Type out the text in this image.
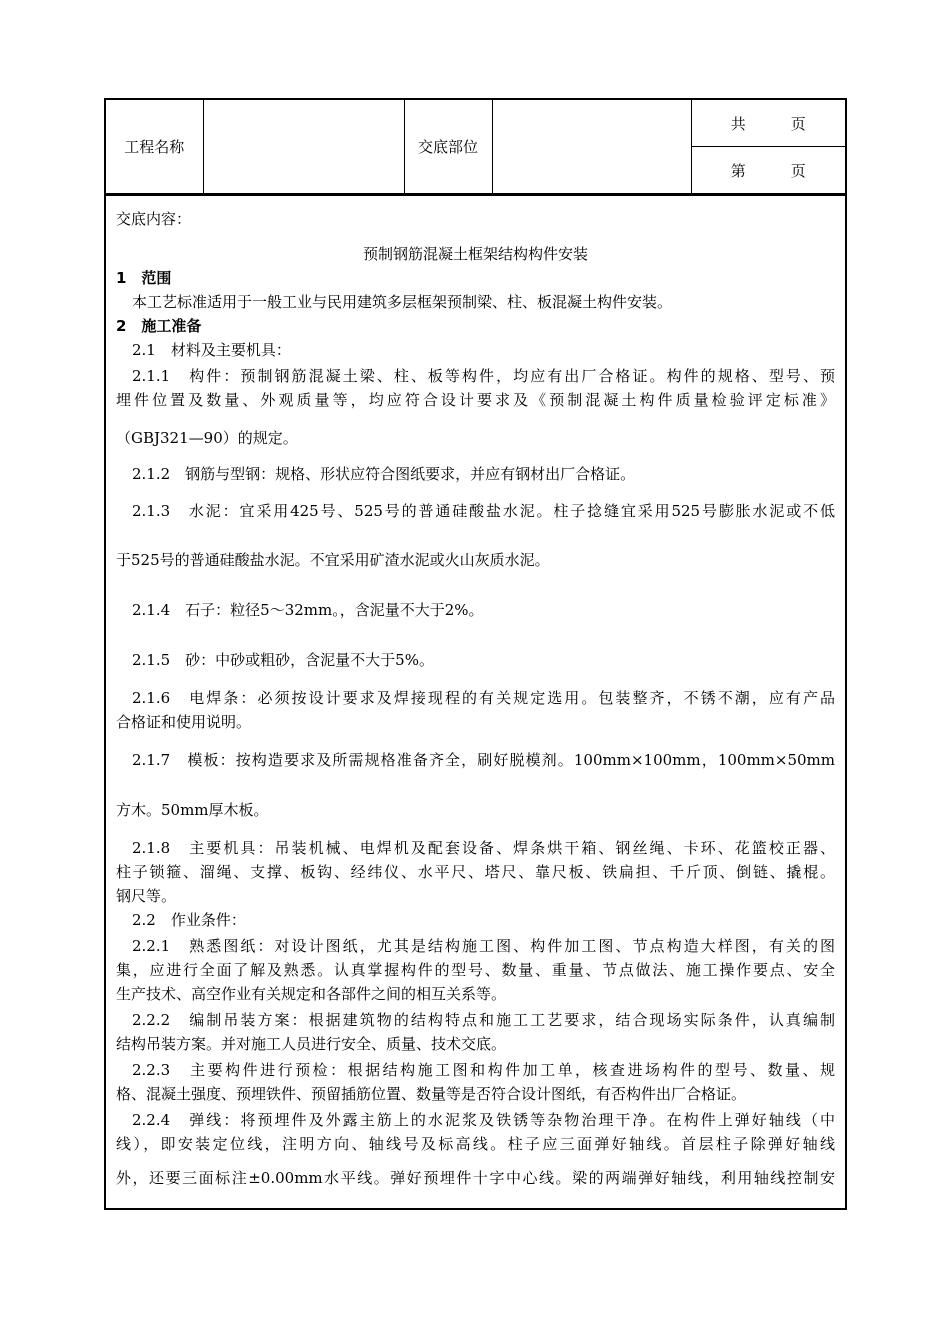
工程名称		交底部位		共　　　页
第　　　页
交底内容：
预制钢筋混凝土框架结构构件安装
1　范围
本工艺标准适用于一般工业与民用建筑多层框架预制梁、柱、板混凝土构件安装。
2　施工准备
2.1　材料及主要机具：
2.1.1　构件：预制钢筋混凝土梁、柱、板等构件，均应有出厂合格证。构件的规格、型号、预
埋件位置及数量、外观质量等，均应符合设计要求及《预制混凝土构件质量检验评定标准》
（GBJ321—90）的规定。
2.1.2　钢筋与型钢：规格、形状应符合图纸要求，并应有钢材出厂合格证。
2.1.3　水泥：宜采用425号、525号的普通硅酸盐水泥。柱子捻缝宜采用525号膨胀水泥或不低
于525号的普通硅酸盐水泥。不宜采用矿渣水泥或火山灰质水泥。
2.1.4　石子：粒径5～32mm。，含泥量不大于2%。
2.1.5　砂：中砂或粗砂，含泥量不大于5%。
2.1.6　电焊条：必须按设计要求及焊接现程的有关规定选用。包装整齐，不锈不潮，应有产品
合格证和使用说明。
2.1.7　模板：按构造要求及所需规格准备齐全，刷好脱模剂。100mm×100mm，100mm×50mm
方木。50mm厚木板。
2.1.8　主要机具：吊装机械、电焊机及配套设备、焊条烘干箱、钢丝绳、卡环、花篮校正器、
柱子锁箍、溜绳、支撑、板钩、经纬仪、水平尺、塔尺、靠尺板、铁扁担、千斤顶、倒链、撬棍。
钢尺等。
2.2　作业条件：
2.2.1　熟悉图纸：对设计图纸，尤其是结构施工图、构件加工图、节点构造大样图，有关的图
集，应进行全面了解及熟悉。认真掌握构件的型号、数量、重量、节点做法、施工操作要点、安全
生产技术、高空作业有关规定和各部件之间的相互关系等。
2.2.2　编制吊装方案：根据建筑物的结构特点和施工工艺要求，结合现场实际条件，认真编制
结构吊装方案。并对施工人员进行安全、质量、技术交底。
2.2.3　主要构件进行预检：根据结构施工图和构件加工单，核查进场构件的型号、数量、规
格、混凝土强度、预埋铁件、预留插筋位置、数量等是否符合设计图纸，有否构件出厂合格证。
2.2.4　弹线：将预埋件及外露主筋上的水泥浆及铁锈等杂物治理干净。在构件上弹好轴线（中
线），即安装定位线，注明方向、轴线号及标高线。柱子应三面弹好轴线。首层柱子除弹好轴线
外，还要三面标注±0.00mm水平线。弹好预埋件十字中心线。梁的两端弹好轴线，利用轴线控制安
